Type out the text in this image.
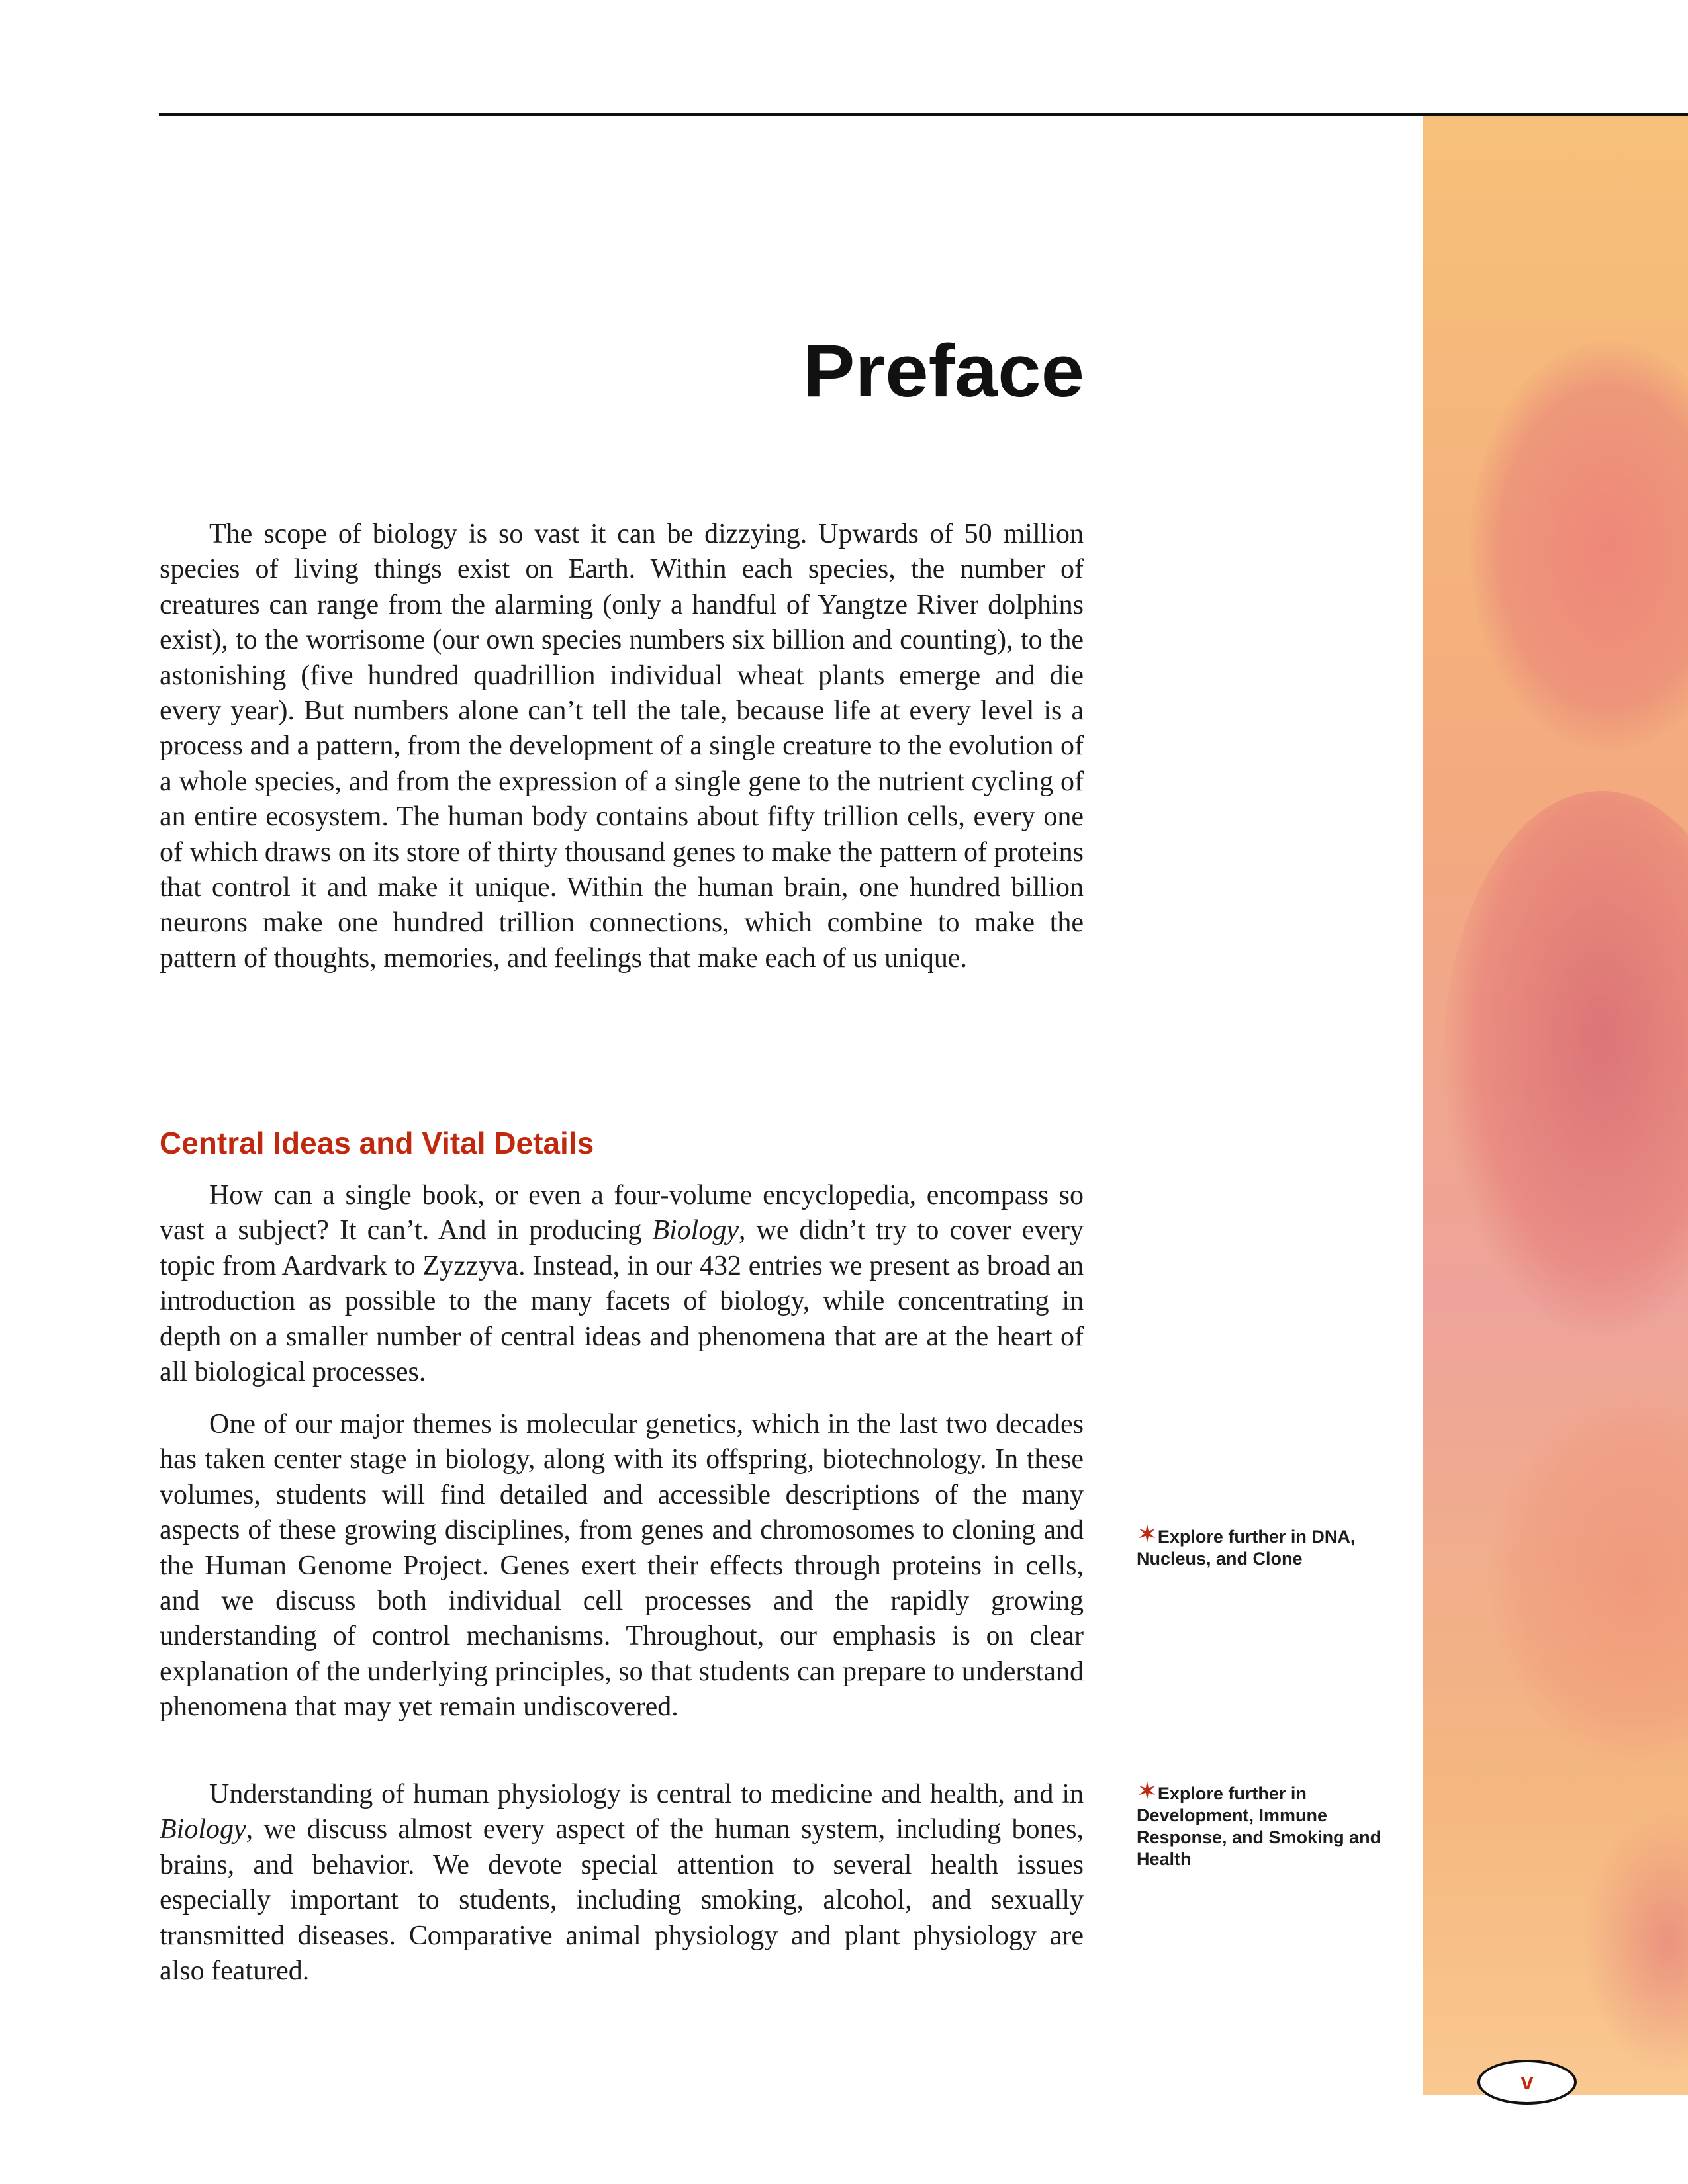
Preface

The scope of biology is so vast it can be dizzying. Upwards of 50 million species of living things exist on Earth. Within each species, the number of creatures can range from the alarming (only a handful of Yangtze River dolphins exist), to the worrisome (our own species numbers six billion and counting), to the astonishing (five hundred quadrillion individual wheat plants emerge and die every year). But numbers alone can’t tell the tale, because life at every level is a process and a pattern, from the development of a single creature to the evolution of a whole species, and from the expression of a single gene to the nutrient cycling of an entire ecosystem. The human body contains about fifty trillion cells, every one of which draws on its store of thirty thousand genes to make the pattern of proteins that control it and make it unique. Within the human brain, one hundred billion neurons make one hundred trillion connections, which combine to make the pattern of thoughts, memories, and feelings that make each of us unique.

Central Ideas and Vital Details

How can a single book, or even a four-volume encyclopedia, encompass so vast a subject? It can’t. And in producing Biology, we didn’t try to cover every topic from Aardvark to Zyzzyva. Instead, in our 432 entries we present as broad an introduction as possible to the many facets of biology, while concentrating in depth on a smaller number of central ideas and phenomena that are at the heart of all biological processes.

One of our major themes is molecular genetics, which in the last two decades has taken center stage in biology, along with its offspring, biotechnology. In these volumes, students will find detailed and accessible descriptions of the many aspects of these growing disciplines, from genes and chromosomes to cloning and the Human Genome Project. Genes exert their effects through proteins in cells, and we discuss both individual cell processes and the rapidly growing understanding of control mechanisms. Throughout, our emphasis is on clear explanation of the underlying principles, so that students can prepare to understand phenomena that may yet remain undiscovered.

Understanding of human physiology is central to medicine and health, and in Biology, we discuss almost every aspect of the human system, including bones, brains, and behavior. We devote special attention to several health issues especially important to students, including smoking, alcohol, and sexually transmitted diseases. Comparative animal physiology and plant physiology are also featured.

✶Explore further in DNA, Nucleus, and Clone
✶Explore further in Development, Immune Response, and Smoking and Health
v
